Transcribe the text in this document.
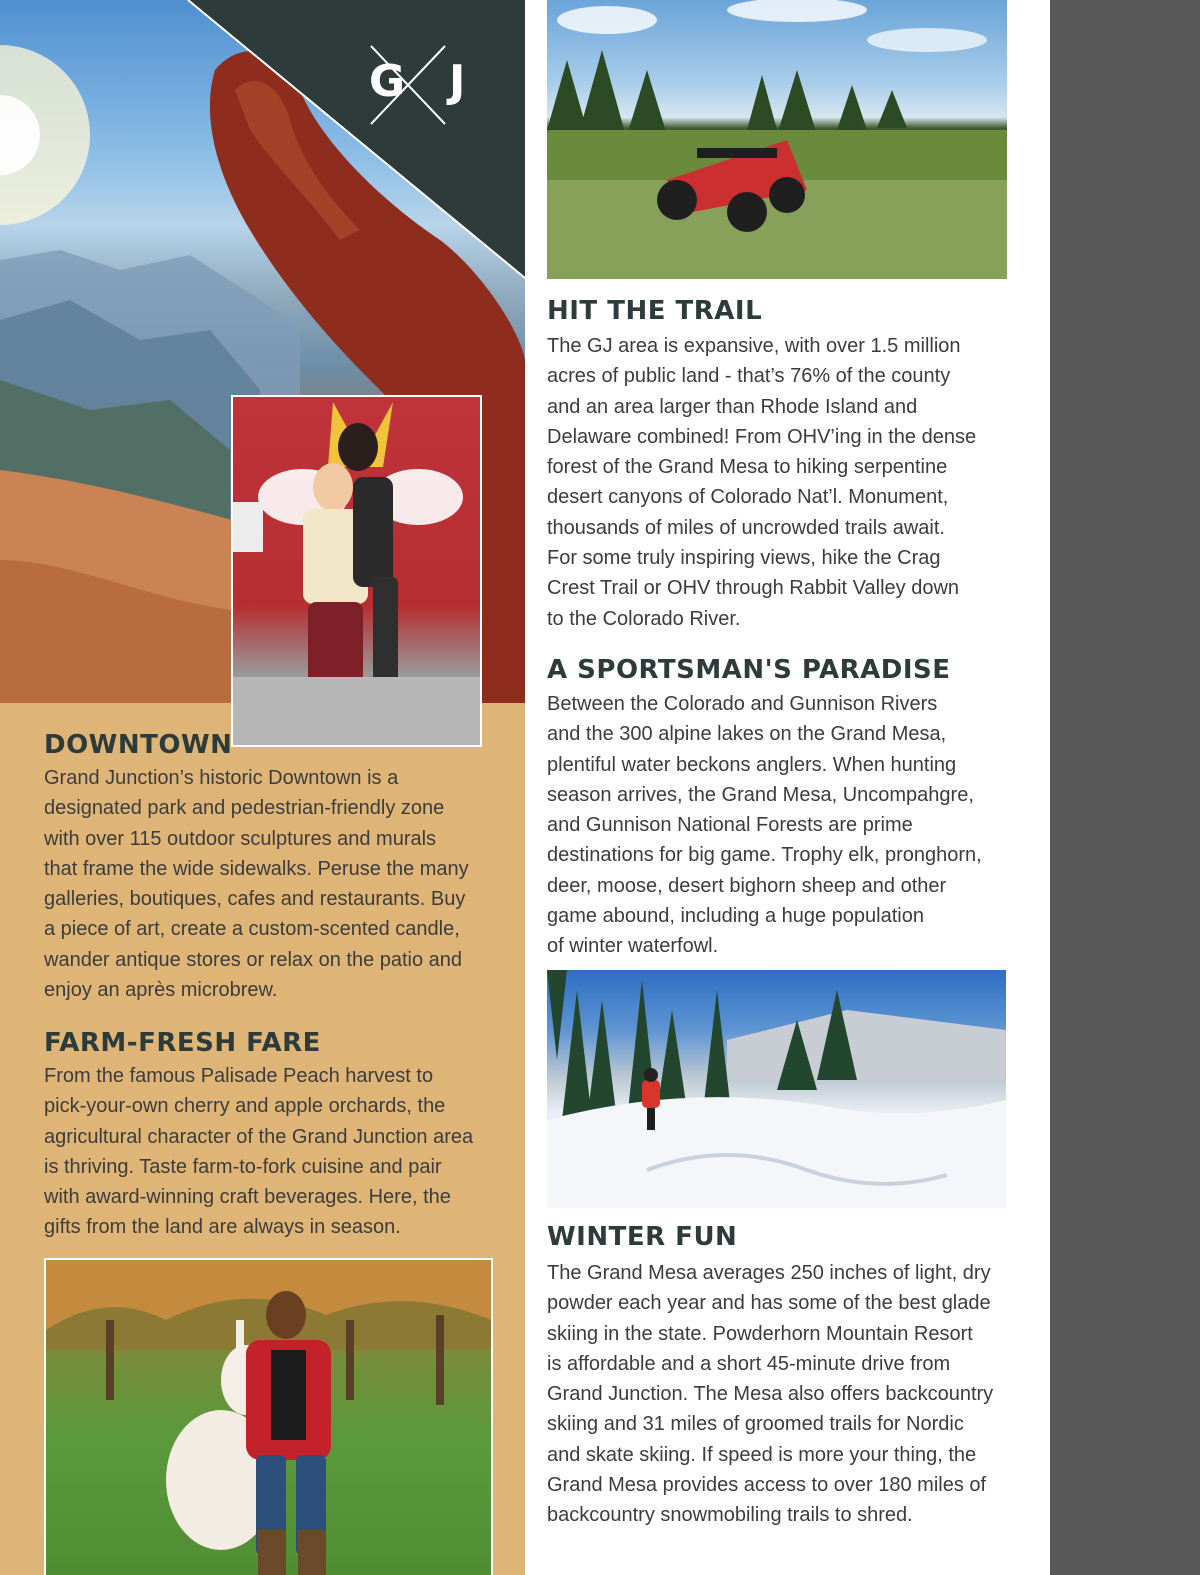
G J
DOWNTOWN
Grand Junction’s historic Downtown is a
designated park and pedestrian-friendly zone
with over 115 outdoor sculptures and murals
that frame the wide sidewalks. Peruse the many
galleries, boutiques, cafes and restaurants. Buy
a piece of art, create a custom-scented candle,
wander antique stores or relax on the patio and
enjoy an après microbrew.
FARM-FRESH FARE
From the famous Palisade Peach harvest to
pick-your-own cherry and apple orchards, the
agricultural character of the Grand Junction area
is thriving. Taste farm-to-fork cuisine and pair
with award-winning craft beverages. Here, the
gifts from the land are always in season.
HIT THE TRAIL
The GJ area is expansive, with over 1.5 million
acres of public land - that’s 76% of the county
and an area larger than Rhode Island and
Delaware combined! From OHV’ing in the dense
forest of the Grand Mesa to hiking serpentine
desert canyons of Colorado Nat’l. Monument,
thousands of miles of uncrowded trails await.
For some truly inspiring views, hike the Crag
Crest Trail or OHV through Rabbit Valley down
to the Colorado River.
A SPORTSMAN'S PARADISE
Between the Colorado and Gunnison Rivers
and the 300 alpine lakes on the Grand Mesa,
plentiful water beckons anglers. When hunting
season arrives, the Grand Mesa, Uncompahgre,
and Gunnison National Forests are prime
destinations for big game. Trophy elk, pronghorn,
deer, moose, desert bighorn sheep and other
game abound, including a huge population
of winter waterfowl.
WINTER FUN
The Grand Mesa averages 250 inches of light, dry
powder each year and has some of the best glade
skiing in the state. Powderhorn Mountain Resort
is affordable and a short 45-minute drive from
Grand Junction. The Mesa also offers backcountry
skiing and 31 miles of groomed trails for Nordic
and skate skiing. If speed is more your thing, the
Grand Mesa provides access to over 180 miles of
backcountry snowmobiling trails to shred.
